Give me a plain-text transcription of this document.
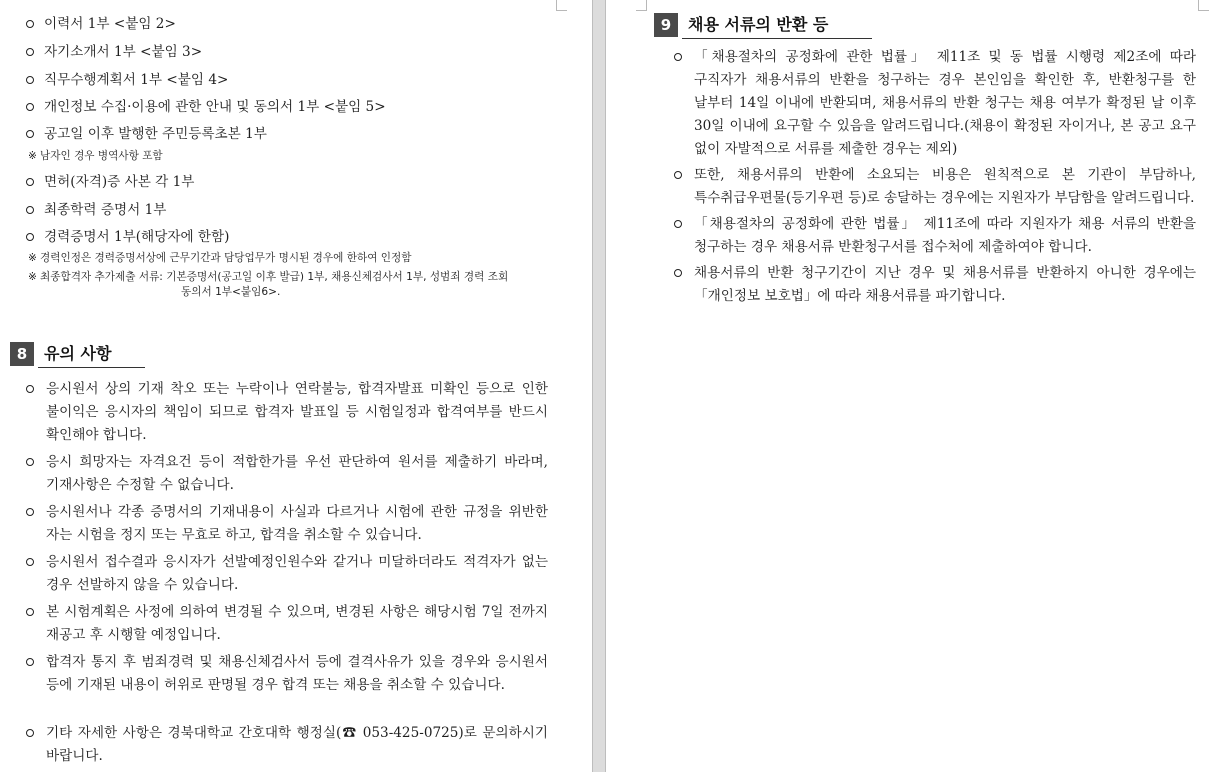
이력서 1부 <붙임 2>
자기소개서 1부 <붙임 3>
직무수행계획서 1부 <붙임 4>
개인정보 수집·이용에 관한 안내 및 동의서 1부 <붙임 5>
공고일 이후 발행한 주민등록초본 1부
※ 남자인 경우 병역사항 포함
면허(자격)증 사본 각 1부
최종학력 증명서 1부
경력증명서 1부(해당자에 한함)
※ 경력인정은 경력증명서상에 근무기간과 담당업무가 명시된 경우에 한하여 인정함
※ 최종합격자 추가제출 서류: 기본증명서(공고일 이후 발급) 1부, 채용신체검사서 1부, 성범죄 경력 조회
동의서 1부<붙임6>.
8	유의 사항
응시원서 상의 기재 착오 또는 누락이나 연락불능, 합격자발표 미확인 등으로 인한 불이익은 응시자의 책임이 되므로 합격자 발표일 등 시험일정과 합격여부를 반드시 확인해야 합니다.
응시 희망자는 자격요건 등이 적합한가를 우선 판단하여 원서를 제출하기 바라며, 기재사항은 수정할 수 없습니다.
응시원서나 각종 증명서의 기재내용이 사실과 다르거나 시험에 관한 규정을 위반한 자는 시험을 정지 또는 무효로 하고, 합격을 취소할 수 있습니다.
응시원서 접수결과 응시자가 선발예정인원수와 같거나 미달하더라도 적격자가 없는 경우 선발하지 않을 수 있습니다.
본 시험계획은 사정에 의하여 변경될 수 있으며, 변경된 사항은 해당시험 7일 전까지 재공고 후 시행할 예정입니다.
합격자 통지 후 범죄경력 및 채용신체검사서 등에 결격사유가 있을 경우와 응시원서 등에 기재된 내용이 허위로 판명될 경우 합격 또는 채용을 취소할 수 있습니다.
기타 자세한 사항은 경북대학교 간호대학 행정실(☎ 053-425-0725)로 문의하시기 바랍니다.
9	채용 서류의 반환 등
「채용절차의 공정화에 관한 법률」 제11조 및 동 법률 시행령 제2조에 따라 구직자가 채용서류의 반환을 청구하는 경우 본인임을 확인한 후, 반환청구를 한 날부터 14일 이내에 반환되며, 채용서류의 반환 청구는 채용 여부가 확정된 날 이후 30일 이내에 요구할 수 있음을 알려드립니다.(채용이 확정된 자이거나, 본 공고 요구 없이 자발적으로 서류를 제출한 경우는 제외)
또한, 채용서류의 반환에 소요되는 비용은 원칙적으로 본 기관이 부담하나, 특수취급우편물(등기우편 등)로 송달하는 경우에는 지원자가 부담함을 알려드립니다.
「채용절차의 공정화에 관한 법률」 제11조에 따라 지원자가 채용 서류의 반환을 청구하는 경우 채용서류 반환청구서를 접수처에 제출하여야 합니다.
채용서류의 반환 청구기간이 지난 경우 및 채용서류를 반환하지 아니한 경우에는 「개인정보 보호법」에 따라 채용서류를 파기합니다.
